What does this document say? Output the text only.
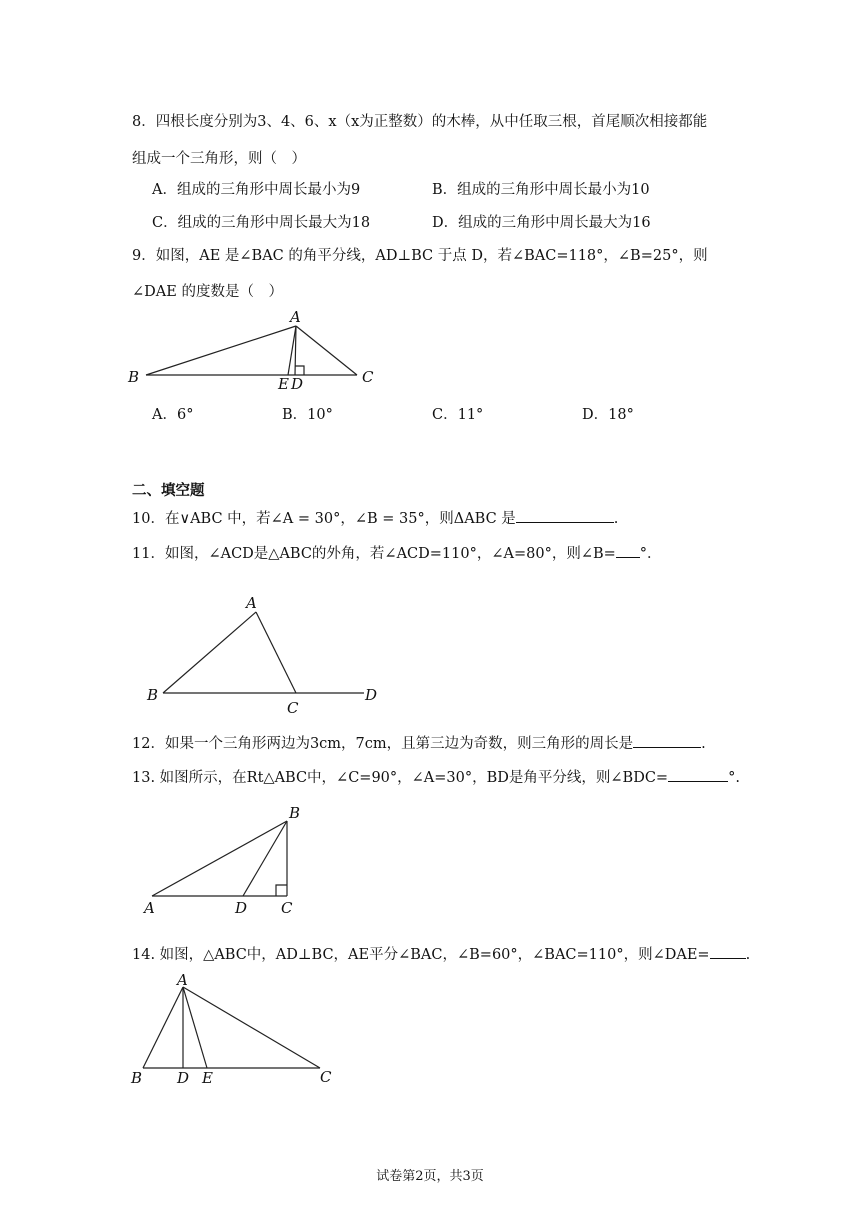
8．四根长度分别为3、4、6、x（x为正整数）的木棒，从中任取三根，首尾顺次相接都能
组成一个三角形，则（　）
A．组成的三角形中周长最小为9	B．组成的三角形中周长最小为10
C．组成的三角形中周长最大为18	D．组成的三角形中周长最大为16
9．如图，AE 是∠BAC 的角平分线，AD⊥BC 于点 D，若∠BAC=118°，∠B=25°，则
∠DAE 的度数是（　）
A
B	C
E D
A．6°	B．10°	C．11°	D．18°
二、填空题
10．在∨ABC 中，若∠A = 30°，∠B = 35°，则ΔABC 是	.
11．如图，∠ACD是△ABC的外角，若∠ACD=110°，∠A=80°，则∠B= °．
A
B
C
D
12．如果一个三角形两边为3cm，7cm，且第三边为奇数，则三角形的周长是	.
13. 如图所示，在Rt△ABC中，∠C=90°，∠A=30°，BD是角平分线，则∠BDC=	°.
B
A	D C
14. 如图，△ABC中，AD⊥BC，AE平分∠BAC，∠B=60°，∠BAC=110°，则∠DAE= .
A
B D E	C
试卷第2页，共3页
